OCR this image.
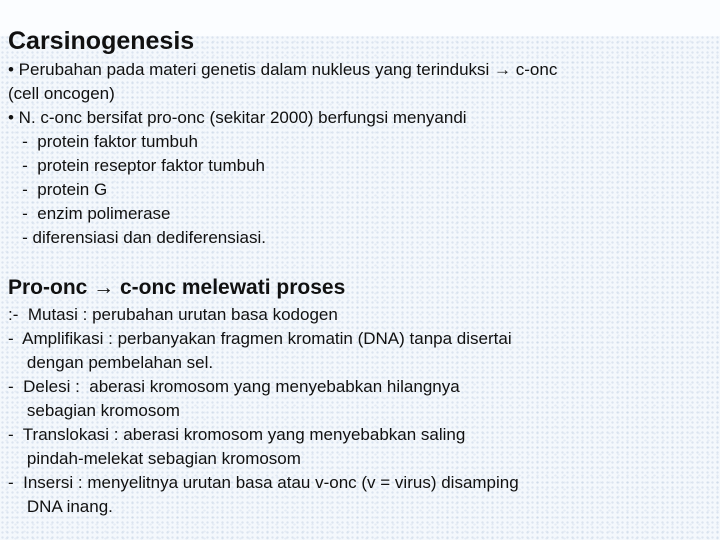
Carsinogenesis

• Perubahan pada materi genetis dalam nukleus yang terinduksi → c-onc

(cell oncogen)

• N. c-onc bersifat pro-onc (sekitar 2000) berfungsi menyandi

-  protein faktor tumbuh

-  protein reseptor faktor tumbuh

-  protein G

-  enzim polimerase

- diferensiasi dan dediferensiasi.

Pro-onc → c-onc melewati proses

:-  Mutasi : perubahan urutan basa kodogen

-  Amplifikasi : perbanyakan fragmen kromatin (DNA) tanpa disertai

dengan pembelahan sel.

-  Delesi :  aberasi kromosom yang menyebabkan hilangnya

sebagian kromosom

-  Translokasi : aberasi kromosom yang menyebabkan saling

pindah-melekat sebagian kromosom

-  Insersi : menyelitnya urutan basa atau v-onc (v = virus) disamping

DNA inang.
